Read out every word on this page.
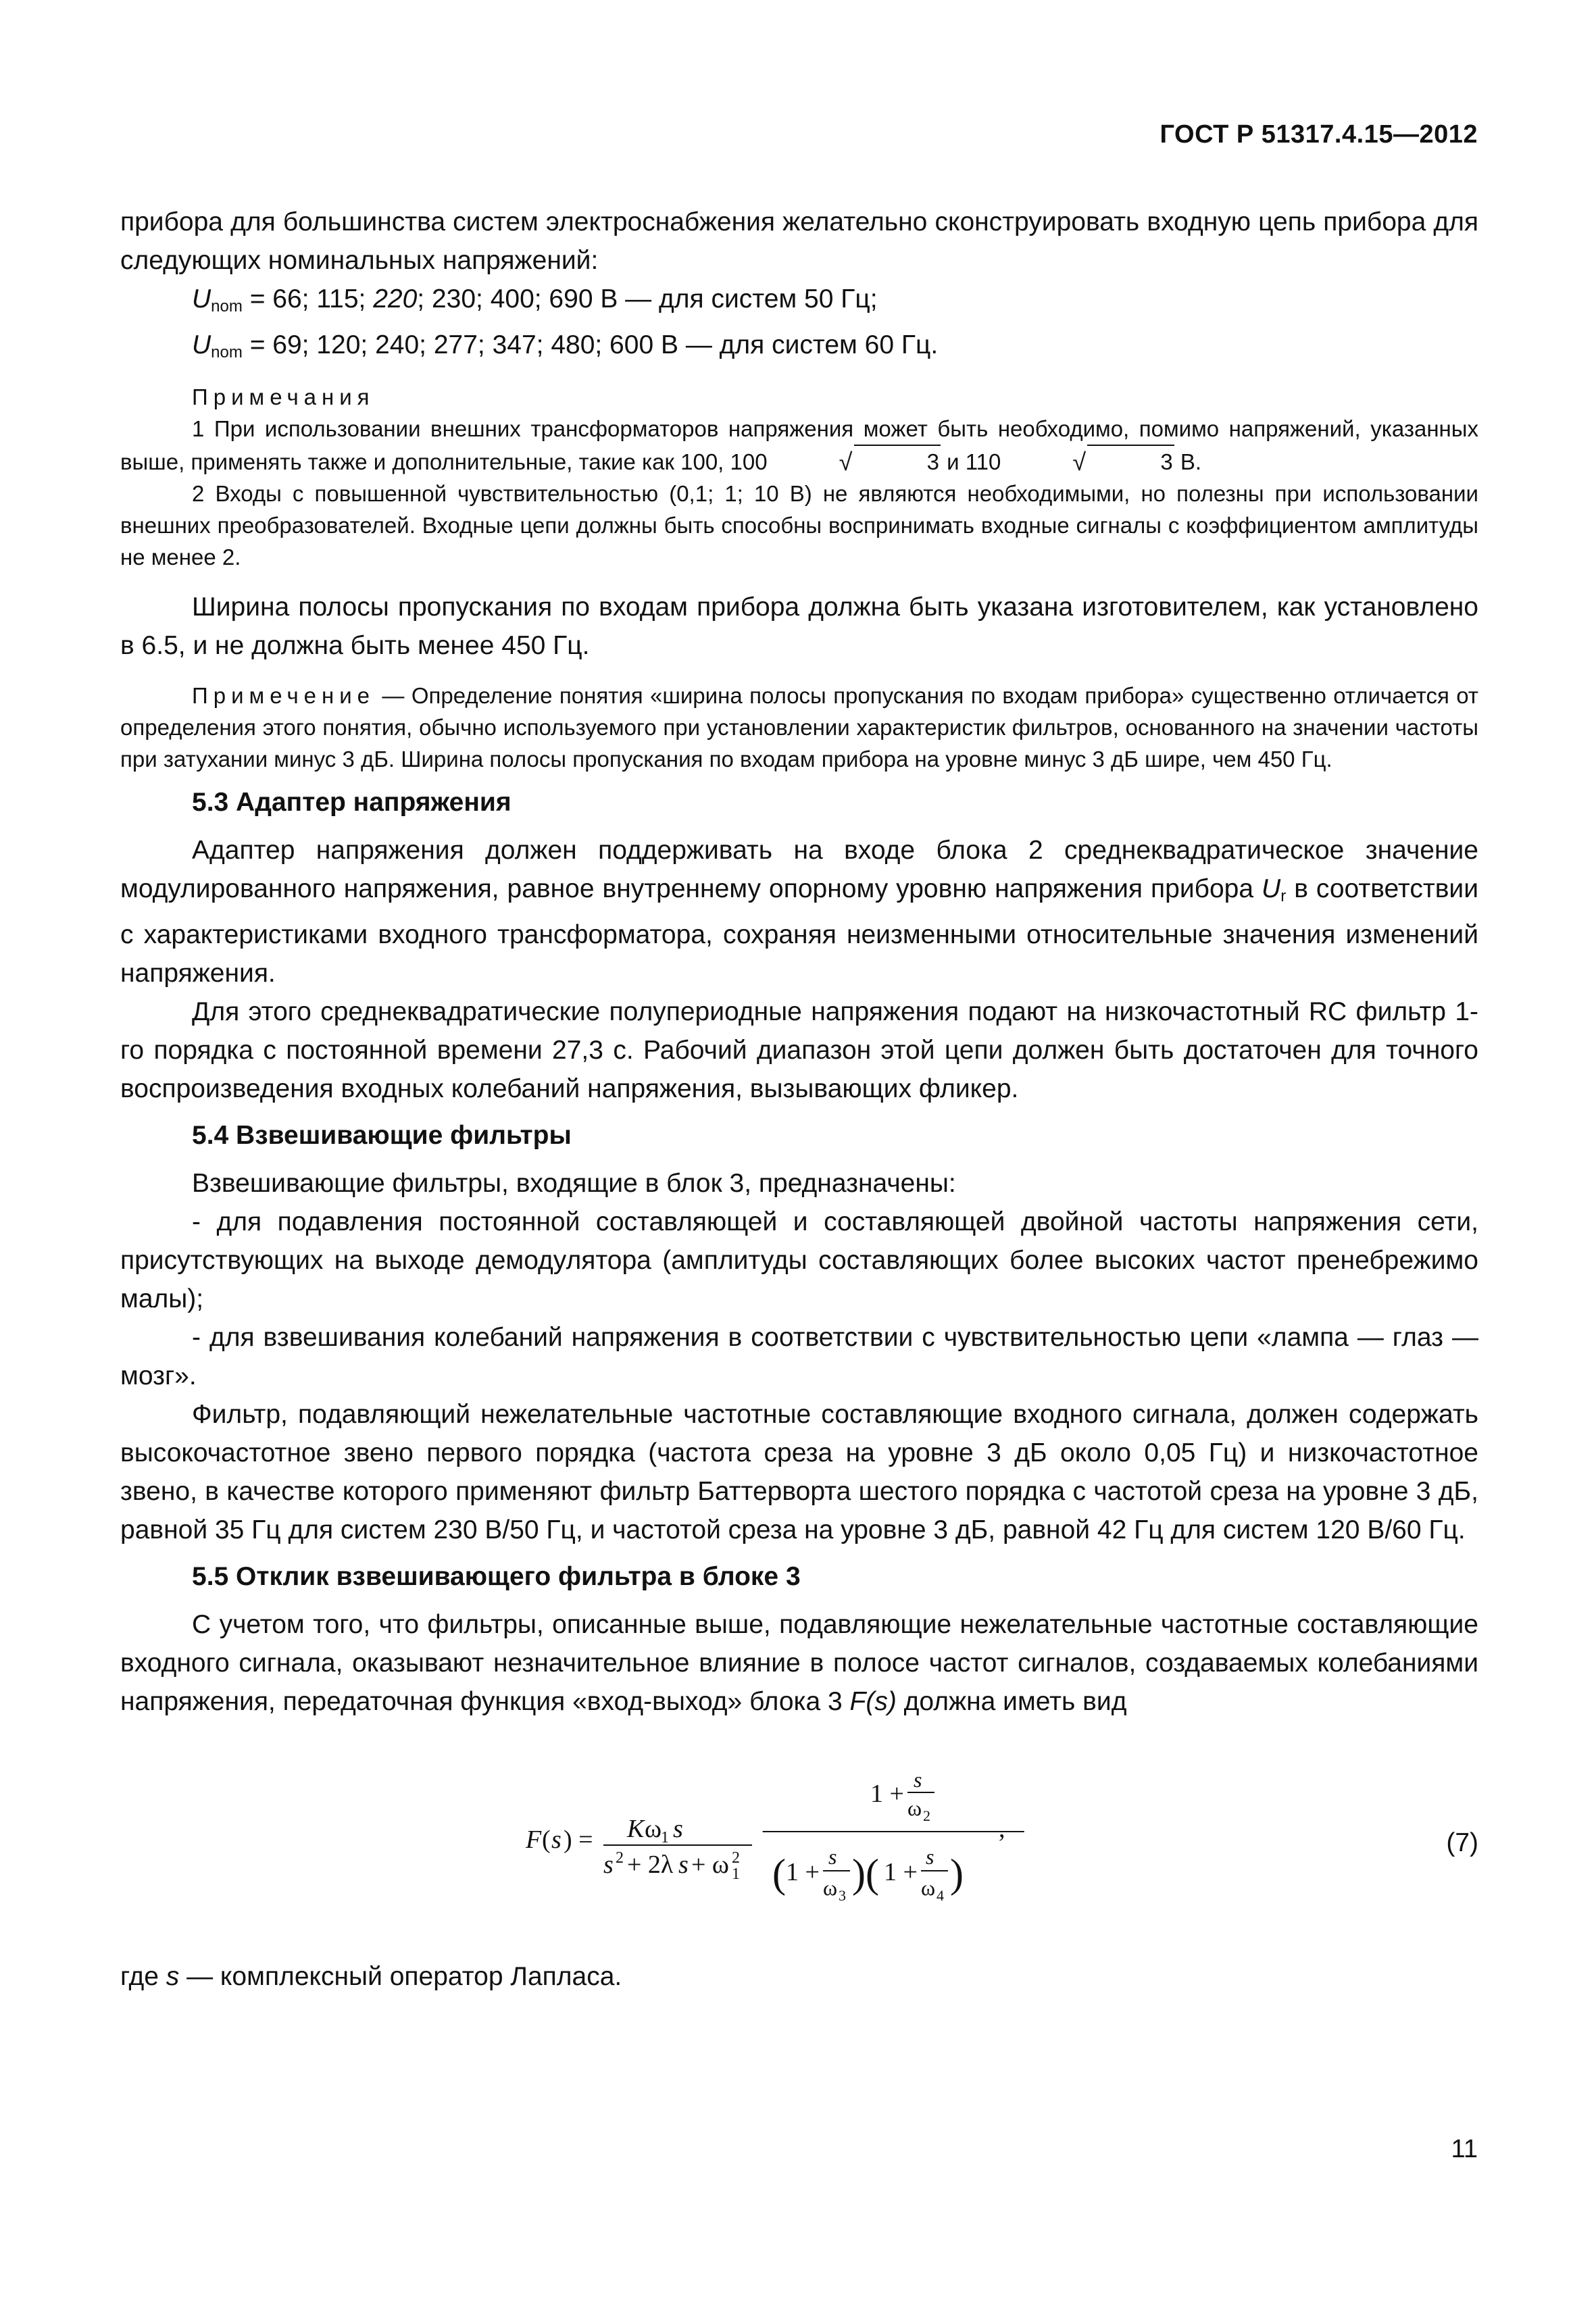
ГОСТ Р 51317.4.15—2012

прибора для большинства систем электроснабжения желательно сконструировать входную цепь прибора для следующих номинальных напряжений:

$U_{nom} = 66$; 115; 220; 230; 400; 690 В — для систем 50 Гц;

$U_{nom} = 69$; 120; 240; 277; 347; 480; 600 В — для систем 60 Гц.

Примечания

1 При использовании внешних трансформаторов напряжения может быть необходимо, помимо напряжений, указанных выше, применять также и дополнительные, такие как 100, 100	√	3 и 110	√	3 В.

2 Входы с повышенной чувствительностью (0,1; 1; 10 В) не являются необходимыми, но полезны при использовании внешних преобразователей. Входные цепи должны быть способны воспринимать входные сигналы с коэффициентом амплитуды не менее 2.

Ширина полосы пропускания по входам прибора должна быть указана изготовителем, как установлено в 6.5, и не должна быть менее 450 Гц.

Примечение — Определение понятия «ширина полосы пропускания по входам прибора» существенно отличается от определения этого понятия, обычно используемого при установлении характеристик фильтров, основанного на значении частоты при затухании минус 3 дБ. Ширина полосы пропускания по входам прибора на уровне минус 3 дБ шире, чем 450 Гц.

5.3 Адаптер напряжения

Адаптер напряжения должен поддерживать на входе блока 2 среднеквадратическое значение модулированного напряжения, равное внутреннему опорному уровню напряжения прибора $U_r$ в соответствии с характеристиками входного трансформатора, сохраняя неизменными относительные значения изменений напряжения.

Для этого среднеквадратические полупериодные напряжения подают на низкочастотный RC фильтр 1-го порядка с постоянной времени 27,3 с. Рабочий диапазон этой цепи должен быть достаточен для точного воспроизведения входных колебаний напряжения, вызывающих фликер.

5.4 Взвешивающие фильтры

Взвешивающие фильтры, входящие в блок 3, предназначены:

- для подавления постоянной составляющей и составляющей двойной частоты напряжения сети, присутствующих на выходе демодулятора (амплитуды составляющих более высоких частот пренебрежимо малы);

- для взвешивания колебаний напряжения в соответствии с чувствительностью цепи «лампа — глаз — мозг».

Фильтр, подавляющий нежелательные частотные составляющие входного сигнала, должен содержать высокочастотное звено первого порядка (частота среза на уровне 3 дБ около 0,05 Гц) и низкочастотное звено, в качестве которого применяют фильтр Баттерворта шестого порядка с частотой среза на уровне 3 дБ, равной 35 Гц для систем 230 В/50 Гц, и частотой среза на уровне 3 дБ, равной 42 Гц для систем 120 В/60 Гц.

5.5 Отклик взвешивающего фильтра в блоке 3

С учетом того, что фильтры, описанные выше, подавляющие нежелательные частотные составляющие входного сигнала, оказывают незначительное влияние в полосе частот сигналов, создаваемых колебаниями напряжения, передаточная функция «вход-выход» блока 3 F(s) должна иметь вид

F ( s ) = K ω
1 s
s 2 + 2λ s + ω 2
1
1 + s
ω 2
( 1 +
s
ω 3 )( 1 +
s
ω 4 )
,	(7)

где s — комплексный оператор Лапласа.

11
